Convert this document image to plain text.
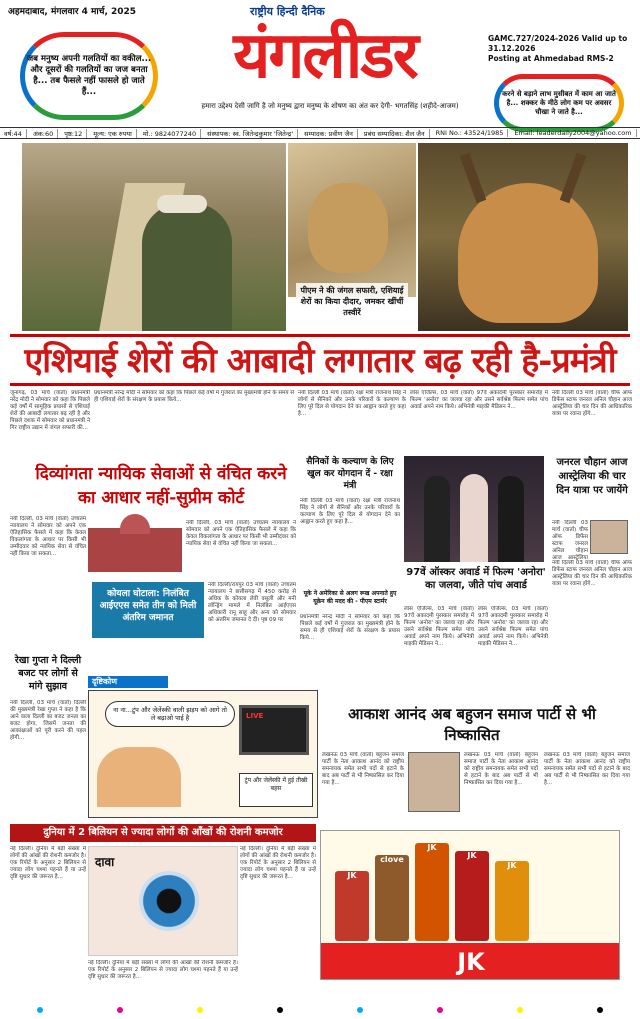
अहमदाबाद, मंगलवार 4 मार्च, 2025	राष्ट्रीय हिन्दी दैनिक
यंगलीडर
हमारा उद्देश्य देसी जागि है जो मनुष्य द्वारा मनुष्य के शोषण का अंत कर देगी- भगतसिंह (शहीदे-आजम)
GAMC.727/2024-2026 Valid up to 31.12.2026
Posting at Ahmedabad RMS-2
जब मनुष्य अपनी गलतियों का वकील... और दूसरों की गलतियों का जज बनता है... तब फैसले नहीं फासले हो जाते हैं...	करने से बड़ाने लाभ मुसीबत में काम आ जाते है... शक्कर के मीठे लोग कम पर अवसर चौखा ने जाते है...
वर्ष:44	अंक:60	पृष्ठ:12	मूल्य: एक रुपया	मो.: 9824077240	संस्थापक: स्व. जितेन्द्रकुमार 'जितेन्द्र'	सम्पादक: प्रवीण जैन	प्रबंध सम्पादिका: शैल जैन	RNI No.: 43524/1985	Email: leaderdaily2004@yahoo.com
पीएम ने की जंगल सफारी, एशियाई शेरों का किया दीदार, जमकर खींचीं तस्वीरें
एशियाई शेरों की आबादी लगातार बढ़ रही है-प्रमंत्री
जूनागढ़, 03 मार्च (वार्ता) प्रधानमंत्री नरेंद्र मोदी ने सोमवार को कहा कि पिछले कई वर्षों में सामूहिक प्रयासों से एशियाई शेरों की आबादी लगातार बढ़ रही है और पिछले दशक में सोमवार को प्रधानमंत्री ने गिर राष्ट्रीय उद्यान में जंगल सफारी की...
प्रधानमंत्री नरेन्द्र मोदी ने सोमवार को कहा कि पिछले कई वर्षों में गुजरात का मुख्यमंत्री होने के समय से ही एशियाई शेरों के संरक्षण के प्रयास किये...
नयी दिल्ली 03 मार्च (वार्ता) रक्षा मंत्री राजनाथ सिंह ने लोगों से सैनिकों और उनके परिवारों के कल्याण के लिए पूरे दिल से योगदान देने का आह्वान करते हुए कहा है...
लॉस एंजिल्स, 03 मार्च (वार्ता) 97वें अकादमी पुरस्कार समारोह में फिल्म 'अनोरा' का जलवा रहा और उसने सर्वश्रेष्ठ फिल्म समेत पांच अवार्ड अपने नाम किये। अभिनेत्री माइकी मैडिसन ने...
नयी दिल्ली 03 मार्च (वार्ता) चीफ ऑफ डिफेंस स्टाफ जनरल अनिल चौहान आज आस्ट्रेलिया की चार दिन की आधिकारिक यात्रा पर रवाना होंगे...
दिव्यांगता न्यायिक सेवाओं से वंचित करने का आधार नहीं-सुप्रीम कोर्ट
नयी दिल्ली, 03 मार्च (वार्ता) उच्चतम न्यायालय ने सोमवार को अपने एक ऐतिहासिक फैसले में कहा कि केवल विकलांगता के आधार पर किसी भी उम्मीदवार को न्यायिक सेवा से वंचित नहीं किया जा सकता...
नयी दिल्ली, 03 मार्च (वार्ता) उच्चतम न्यायालय ने सोमवार को अपने एक ऐतिहासिक फैसले में कहा कि केवल विकलांगता के आधार पर किसी भी उम्मीदवार को न्यायिक सेवा से वंचित नहीं किया जा सकता...
कोयला घोटाला: निलंबित आईएएस समेत तीन को मिली अंतरिम जमानत
नयी दिल्ली/रायपुर 03 मार्च (वार्ता) उच्चतम न्यायालय ने छत्तीसगढ़ में 450 करोड़ से अधिक के कोयला लेवी वसूली और मनी लॉन्ड्रिंग मामले में निलंबित आईएएस अधिकारी रानू साहू और अन्य को सोमवार को अंतरिम जमानत दे दी। पृष्ठ 09 पर
सैनिकों के कल्याण के लिए खुल कर योगदान दें - रक्षा मंत्री
नयी दिल्ली 03 मार्च (वार्ता) रक्षा मंत्री राजनाथ सिंह ने लोगों से सैनिकों और उनके परिवारों के कल्याण के लिए पूरे दिल से योगदान देने का आह्वान करते हुए कहा है...
यूके ने अमेरिका से अलग रूख अपनाते हुए यूक्रेन की मदद की - पीएम स्टार्मर
प्रधानमंत्री नरेन्द्र मोदी ने सोमवार को कहा कि पिछले कई वर्षों में गुजरात का मुख्यमंत्री होने के समय से ही एशियाई शेरों के संरक्षण के प्रयास किये...
97वें ऑस्कर अवार्ड में फिल्म 'अनोरा' का जलवा, जीते पांच अवार्ड
लॉस एंजिल्स, 03 मार्च (वार्ता) 97वें अकादमी पुरस्कार समारोह में फिल्म 'अनोरा' का जलवा रहा और उसने सर्वश्रेष्ठ फिल्म समेत पांच अवार्ड अपने नाम किये। अभिनेत्री माइकी मैडिसन ने...
लॉस एंजिल्स, 03 मार्च (वार्ता) 97वें अकादमी पुरस्कार समारोह में फिल्म 'अनोरा' का जलवा रहा और उसने सर्वश्रेष्ठ फिल्म समेत पांच अवार्ड अपने नाम किये। अभिनेत्री माइकी मैडिसन ने...
जनरल चौहान आज आस्ट्रेलिया की चार दिन यात्रा पर जायेंगे
नयी दिल्ली 03 मार्च (वार्ता) चीफ ऑफ डिफेंस स्टाफ जनरल अनिल चौहान आज आस्ट्रेलिया
नयी दिल्ली 03 मार्च (वार्ता) चीफ ऑफ डिफेंस स्टाफ जनरल अनिल चौहान आज आस्ट्रेलिया की चार दिन की आधिकारिक यात्रा पर रवाना होंगे...
रेखा गुप्ता ने दिल्ली बजट पर लोगों से मांगे सुझाव
नयी दिल्ली, 03 मार्च (वार्ता) दिल्ली की मुख्यमंत्री रेखा गुप्ता ने कहा है कि आने वाला दिल्ली का बजट जनता का बजट होगा, जिसमें जनता की आकांक्षाओं को पूरी करने की पहल होगी...
दृष्टिकोण
ना ना...टुंप और जेलेंस्की वाली झड़प को आगे तो ले बढ़ाओ पाई है	LIVE
टुंप और जेलेंस्की में हुई तीखी बहस
आकाश आनंद अब बहुजन समाज पार्टी से भी निष्कासित
लखनऊ 03 मार्च (वार्ता) बहुजन समाज पार्टी के नेता आकाश आनंद को राष्ट्रीय समन्वयक समेत सभी पदों से हटाने के बाद अब पार्टी से भी निष्कासित कर दिया गया है...
लखनऊ 03 मार्च (वार्ता) बहुजन समाज पार्टी के नेता आकाश आनंद को राष्ट्रीय समन्वयक समेत सभी पदों से हटाने के बाद अब पार्टी से भी निष्कासित कर दिया गया है...
लखनऊ 03 मार्च (वार्ता) बहुजन समाज पार्टी के नेता आकाश आनंद को राष्ट्रीय समन्वयक समेत सभी पदों से हटाने के बाद अब पार्टी से भी निष्कासित कर दिया गया है...
दुनिया में 2 बिलियन से ज्यादा लोगों की आँखों की रोशनी कमजोर
नई दिल्ली। दुनिया में बड़ी संख्या में लोगों की आंखों की रोशनी कमजोर है। एक रिपोर्ट के अनुसार 2 बिलियन से ज्यादा लोग चश्मा पहनते हैं या उन्हें दृष्टि सुधार की जरूरत है...
दावा
नई दिल्ली। दुनिया में बड़ी संख्या में लोगों की आंखों की रोशनी कमजोर है। एक रिपोर्ट के अनुसार 2 बिलियन से ज्यादा लोग चश्मा पहनते हैं या उन्हें दृष्टि सुधार की जरूरत है...
नई दिल्ली। दुनिया में बड़ी संख्या में लोगों की आंखों की रोशनी कमजोर है। एक रिपोर्ट के अनुसार 2 बिलियन से ज्यादा लोग चश्मा पहनते हैं या उन्हें दृष्टि सुधार की जरूरत है...
JK
clove
JK
JK
JK
JK
